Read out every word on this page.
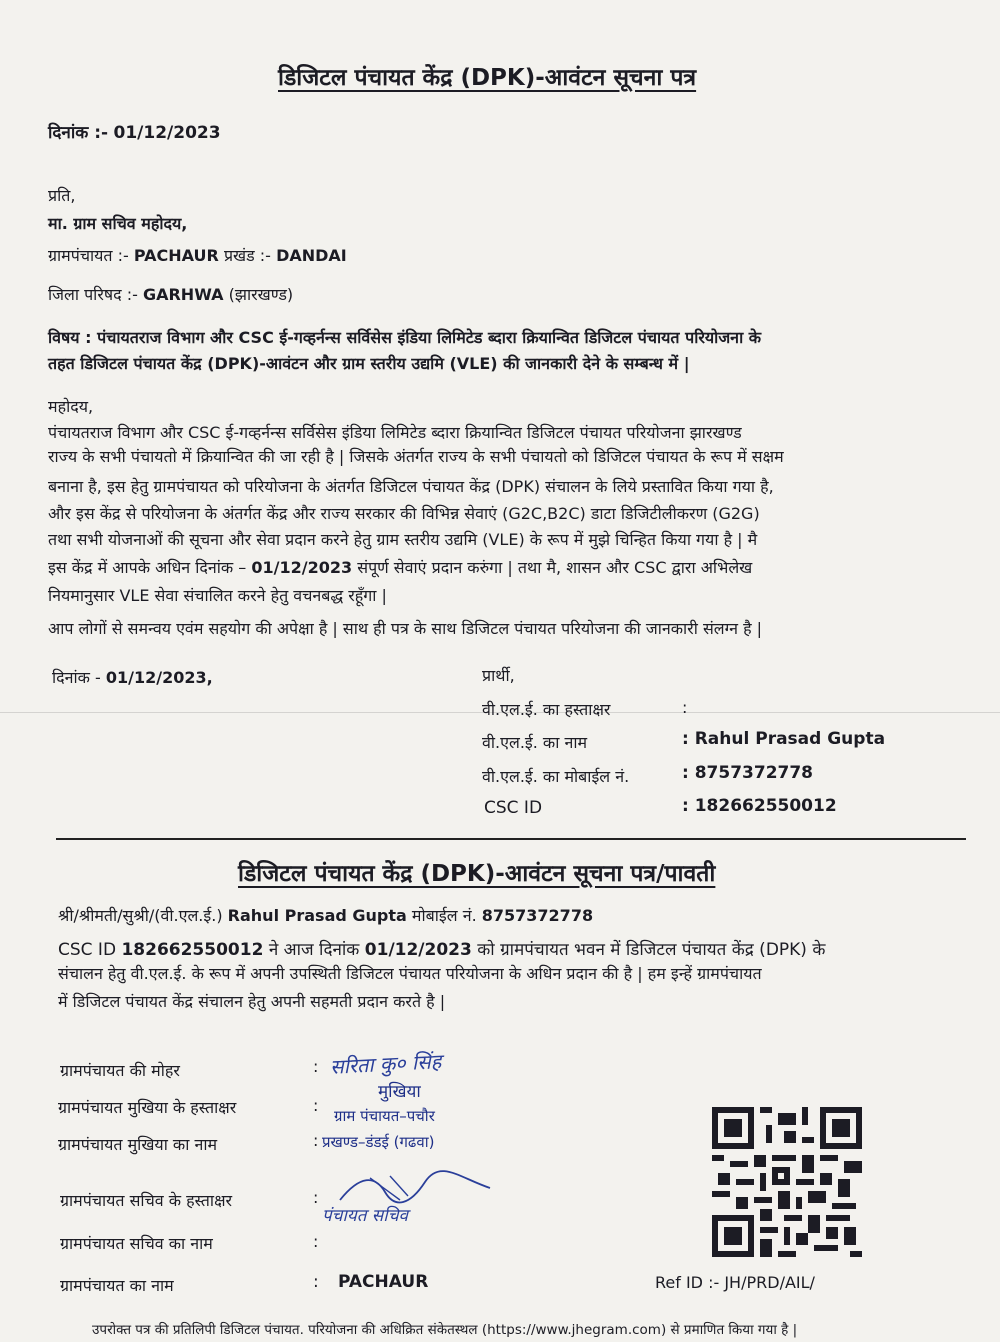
डिजिटल पंचायत केंद्र (DPK)-आवंटन सूचना पत्र
दिनांक :- 01/12/2023
प्रति,
मा. ग्राम सचिव महोदय,
ग्रामपंचायत :- PACHAUR प्रखंड :- DANDAI
जिला परिषद :- GARHWA (झारखण्ड)
विषय : पंचायतराज विभाग और CSC ई-गव्हर्नन्स सर्विसेस इंडिया लिमिटेड ब्दारा क्रियान्वित डिजिटल पंचायत परियोजना के
तहत डिजिटल पंचायत केंद्र (DPK)-आवंटन और ग्राम स्तरीय उद्यमि (VLE) की जानकारी देने के सम्बन्ध में |
महोदय,
पंचायतराज विभाग और CSC ई-गव्हर्नन्स सर्विसेस इंडिया लिमिटेड ब्दारा क्रियान्वित डिजिटल पंचायत परियोजना झारखण्ड
राज्य के सभी पंचायतो में क्रियान्वित की जा रही है | जिसके अंतर्गत राज्य के सभी पंचायतो को डिजिटल पंचायत के रूप में सक्षम
बनाना है, इस हेतु ग्रामपंचायत को परियोजना के अंतर्गत डिजिटल पंचायत केंद्र (DPK) संचालन के लिये प्रस्तावित किया गया है,
और इस केंद्र से परियोजना के अंतर्गत केंद्र और राज्य सरकार की विभिन्न सेवाएं (G2C,B2C) डाटा डिजिटीलीकरण (G2G)
तथा सभी योजनाओं की सूचना और सेवा प्रदान करने हेतु ग्राम स्तरीय उद्यमि (VLE) के रूप में मुझे चिन्हित किया गया है | मै
इस केंद्र में आपके अधिन दिनांक – 01/12/2023 संपूर्ण सेवाएं प्रदान करुंगा | तथा मै, शासन और CSC द्वारा अभिलेख
नियमानुसार VLE सेवा संचालित करने हेतु वचनबद्ध रहूँगा |
आप लोगों से समन्वय एवंम सहयोग की अपेक्षा है | साथ ही पत्र के साथ डिजिटल पंचायत परियोजना की जानकारी संलग्न है |
दिनांक - 01/12/2023,	प्रार्थी,
वी.एल.ई. का हस्ताक्षर	:
वी.एल.ई. का नाम	: Rahul Prasad Gupta
वी.एल.ई. का मोबाईल नं.	: 8757372778
CSC ID	: 182662550012
डिजिटल पंचायत केंद्र (DPK)-आवंटन सूचना पत्र/पावती
श्री/श्रीमती/सुश्री/(वी.एल.ई.) Rahul Prasad Gupta मोबाईल नं. 8757372778
CSC ID 182662550012 ने आज दिनांक 01/12/2023 को ग्रामपंचायत भवन में डिजिटल पंचायत केंद्र (DPK) के
संचालन हेतु वी.एल.ई. के रूप में अपनी उपस्थिती डिजिटल पंचायत परियोजना के अधिन प्रदान की है | हम इन्हें ग्रामपंचायत
में डिजिटल पंचायत केंद्र संचालन हेतु अपनी सहमती प्रदान करते है |
ग्रामपंचायत की मोहर	:
ग्रामपंचायत मुखिया के हस्ताक्षर	:
ग्रामपंचायत मुखिया का नाम	:
ग्रामपंचायत सचिव के हस्ताक्षर	:
ग्रामपंचायत सचिव का नाम	:
ग्रामपंचायत का नाम	: PACHAUR
सरिता कु० सिंह
मुखिया
ग्राम पंचायत–पचौर
प्रखण्ड–डंडई (गढवा)
पंचायत सचिव
Ref ID :- JH/PRD/AIL/
उपरोक्त पत्र की प्रतिलिपी डिजिटल पंचायत. परियोजना की अधिक्रित संकेतस्थल (https://www.jhegram.com) से प्रमाणित किया गया है |
